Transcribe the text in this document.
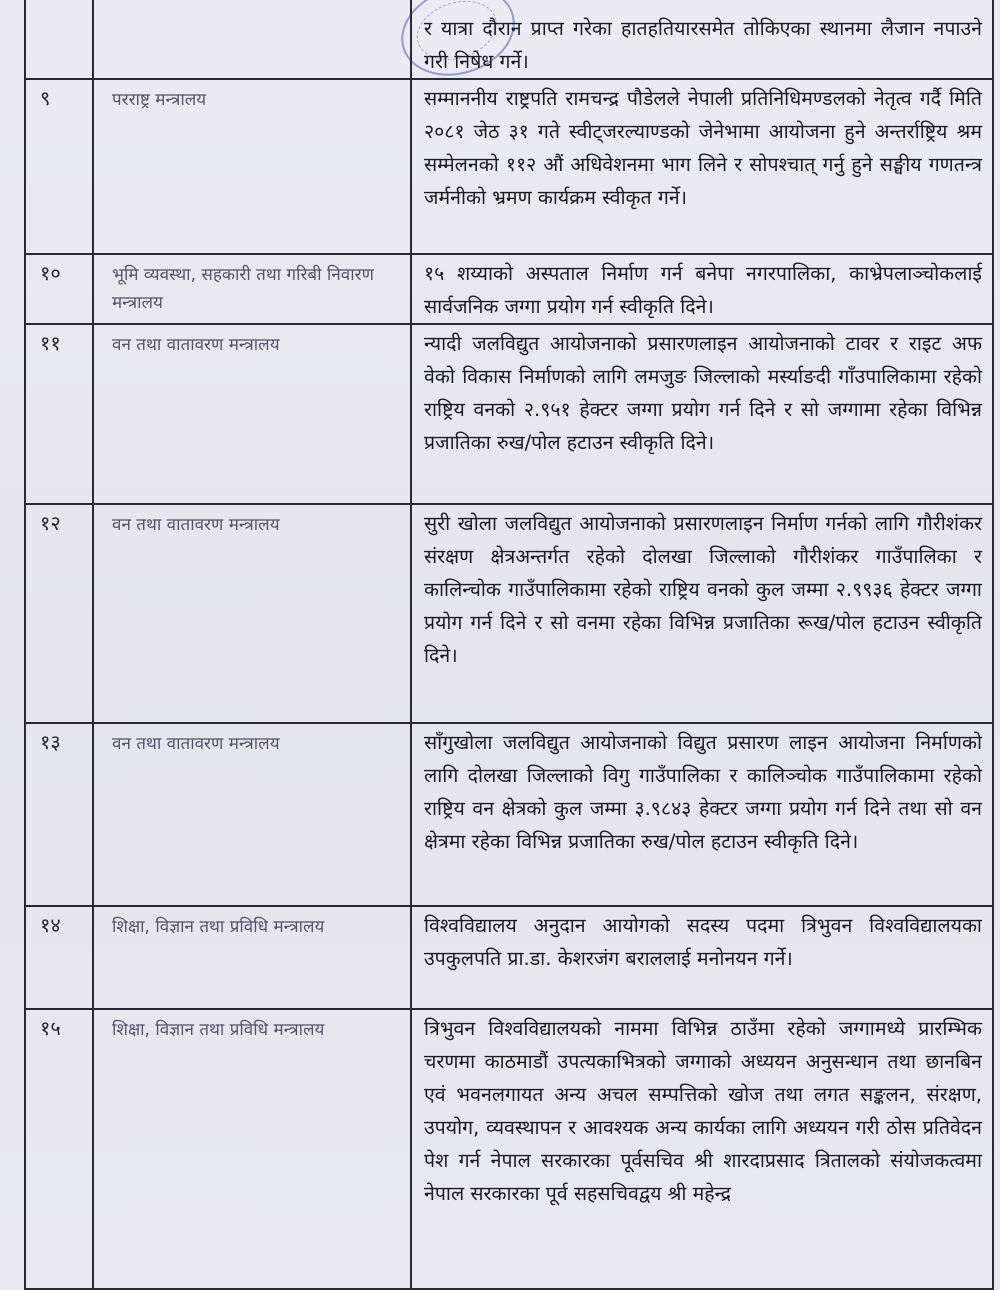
		र यात्रा दौरान प्राप्त गरेका हातहतियारसमेत तोकिएका स्थानमा लैजान नपाउने गरी निषेध गर्ने।
९	परराष्ट्र मन्त्रालय	सम्माननीय राष्ट्रपति रामचन्द्र पौडेलले नेपाली प्रतिनिधिमण्डलको नेतृत्व गर्दै मिति २०८१ जेठ ३१ गते स्वीट्जरल्याण्डको जेनेभामा आयोजना हुने अन्तर्राष्ट्रिय श्रम सम्मेलनको ११२ औं अधिवेशनमा भाग लिने र सोपश्चात् गर्नु हुने सङ्घीय गणतन्त्र जर्मनीको भ्रमण कार्यक्रम स्वीकृत गर्ने।
१०	भूमि व्यवस्था, सहकारी तथा गरिबी निवारण मन्त्रालय	१५ शय्याको अस्पताल निर्माण गर्न बनेपा नगरपालिका, काभ्रेपलाञ्चोकलाई सार्वजनिक जग्गा प्रयोग गर्न स्वीकृति दिने।
११	वन तथा वातावरण मन्त्रालय	न्यादी जलविद्युत आयोजनाको प्रसारणलाइन आयोजनाको टावर र राइट अफ वेको विकास निर्माणको लागि लमजुङ जिल्लाको मर्स्याङदी गाँउपालिकामा रहेको राष्ट्रिय वनको २.९५१ हेक्टर जग्गा प्रयोग गर्न दिने र सो जग्गामा रहेका विभिन्न प्रजातिका रुख/पोल हटाउन स्वीकृति दिने।
१२	वन तथा वातावरण मन्त्रालय	सुरी खोला जलविद्युत आयोजनाको प्रसारणलाइन निर्माण गर्नको लागि गौरीशंकर संरक्षण क्षेत्रअन्तर्गत रहेको दोलखा जिल्लाको गौरीशंकर गाउँपालिका र कालिन्चोक गाउँपालिकामा रहेको राष्ट्रिय वनको कुल जम्मा २.९९३६ हेक्टर जग्गा प्रयोग गर्न दिने र सो वनमा रहेका विभिन्न प्रजातिका रूख/पोल हटाउन स्वीकृति दिने।
१३	वन तथा वातावरण मन्त्रालय	साँगुखोला जलविद्युत आयोजनाको विद्युत प्रसारण लाइन आयोजना निर्माणको लागि दोलखा जिल्लाको विगु गाउँपालिका र कालिञ्चोक गाउँपालिकामा रहेको राष्ट्रिय वन क्षेत्रको कुल जम्मा ३.९८४३ हेक्टर जग्गा प्रयोग गर्न दिने तथा सो वन क्षेत्रमा रहेका विभिन्न प्रजातिका रुख/पोल हटाउन स्वीकृति दिने।
१४	शिक्षा, विज्ञान तथा प्रविधि मन्त्रालय	विश्वविद्यालय अनुदान आयोगको सदस्य पदमा त्रिभुवन विश्वविद्यालयका उपकुलपति प्रा.डा. केशरजंग बराललाई मनोनयन गर्ने।
१५	शिक्षा, विज्ञान तथा प्रविधि मन्त्रालय	त्रिभुवन विश्वविद्यालयको नाममा विभिन्न ठाउँमा रहेको जग्गामध्ये प्रारम्भिक चरणमा काठमाडौं उपत्यकाभित्रको जग्गाको अध्ययन अनुसन्धान तथा छानबिन एवं भवनलगायत अन्य अचल सम्पत्तिको खोज तथा लगत सङ्कलन, संरक्षण, उपयोग, व्यवस्थापन र आवश्यक अन्य कार्यका लागि अध्ययन गरी ठोस प्रतिवेदन पेश गर्न नेपाल सरकारका पूर्वसचिव श्री शारदाप्रसाद त्रितालको संयोजकत्वमा नेपाल सरकारका पूर्व सहसचिवद्वय श्री महेन्द्र
